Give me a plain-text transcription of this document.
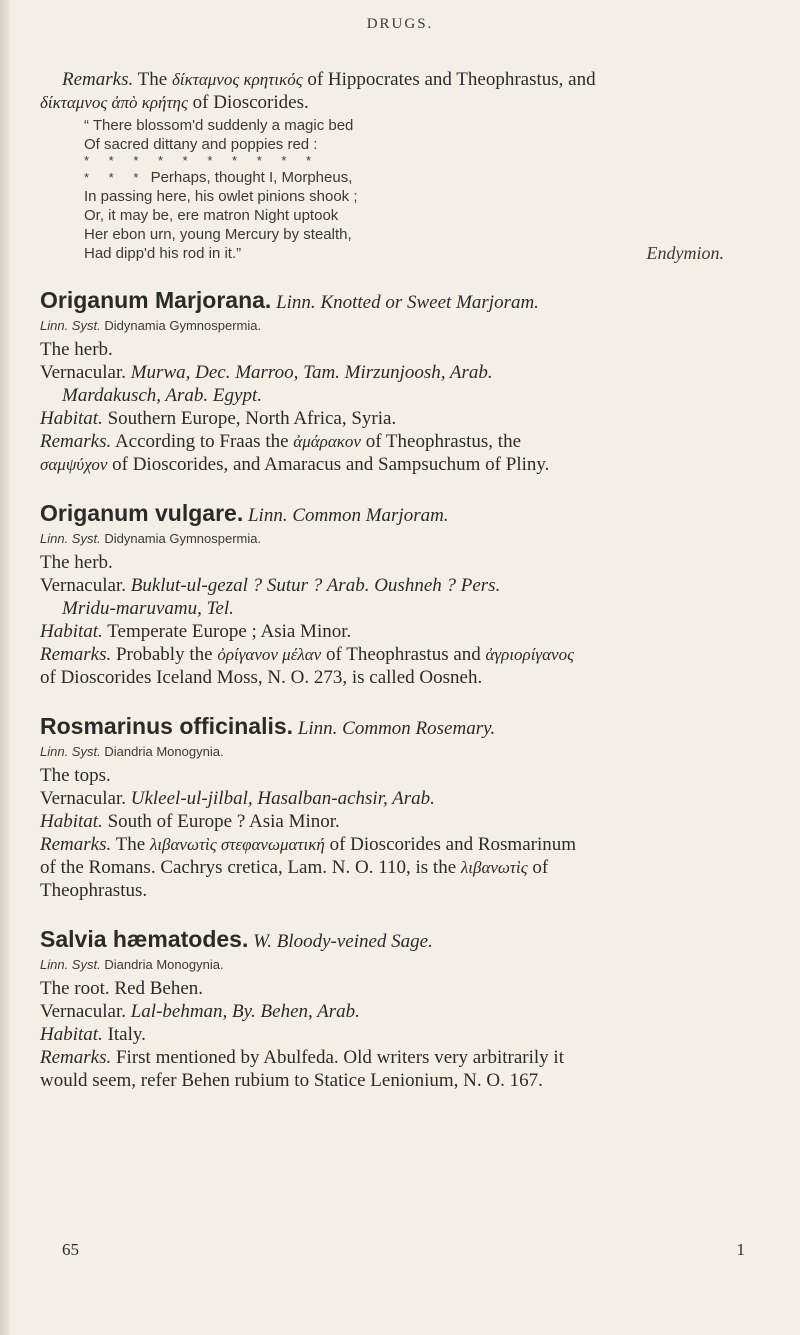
DRUGS.

Remarks. The δίκταμνος κρητικός of Hippocrates and Theophrastus, and

δίκταμνος ἀπὸ κρήτης of Dioscorides.

“ There blossom'd suddenly a magic bed
Of sacred dittany and poppies red :
* * * * * * * * * *
* * * Perhaps, thought I, Morpheus,
In passing here, his owlet pinions shook ;
Or, it may be, ere matron Night uptook
Her ebon urn, young Mercury by stealth,
Had dipp'd his rod in it.”	Endymion.

Origanum Marjorana. Linn. Knotted or Sweet Marjoram.

Linn. Syst. Didynamia Gymnospermia.

The herb.

Vernacular. Murwa, Dec. Marroo, Tam. Mirzunjoosh, Arab.

Mardakusch, Arab. Egypt.

Habitat. Southern Europe, North Africa, Syria.

Remarks. According to Fraas the ἀμάρακον of Theophrastus, the

σαμψύχον of Dioscorides, and Amaracus and Sampsuchum of Pliny.

Origanum vulgare. Linn. Common Marjoram.

Linn. Syst. Didynamia Gymnospermia.

The herb.

Vernacular. Buklut-ul-gezal ? Sutur ? Arab. Oushneh ? Pers.

Mridu-maruvamu, Tel.

Habitat. Temperate Europe ; Asia Minor.

Remarks. Probably the ὀρίγανον μέλαν of Theophrastus and ἀγριορίγανος

of Dioscorides Iceland Moss, N. O. 273, is called Oosneh.

Rosmarinus officinalis. Linn. Common Rosemary.

Linn. Syst. Diandria Monogynia.

The tops.

Vernacular. Ukleel-ul-jilbal, Hasalban-achsir, Arab.

Habitat. South of Europe ? Asia Minor.

Remarks. The λιβανωτὶς στεφανωματική of Dioscorides and Rosmarinum

of the Romans. Cachrys cretica, Lam. N. O. 110, is the λιβανωτὶς of

Theophrastus.

Salvia hæmatodes. W. Bloody-veined Sage.

Linn. Syst. Diandria Monogynia.

The root. Red Behen.

Vernacular. Lal-behman, By. Behen, Arab.

Habitat. Italy.

Remarks. First mentioned by Abulfeda. Old writers very arbitrarily it

would seem, refer Behen rubium to Statice Lenionium, N. O. 167.

65	1
